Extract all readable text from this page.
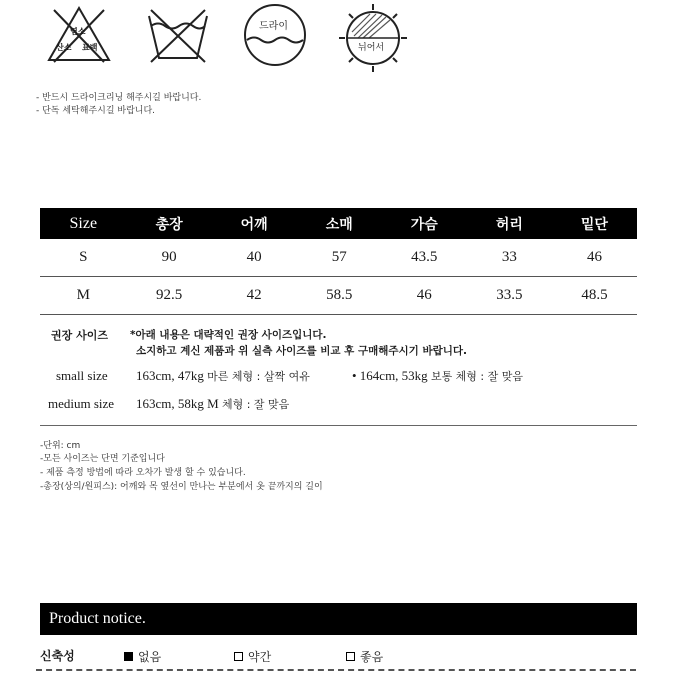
염소
산소 표백
드라이
뉘어서
- 반드시 드라이크리닝 해주시길 바랍니다.
- 단독 세탁해주시길 바랍니다.
Size	총장	어깨	소매	가슴	허리	밑단
S	90	40	57	43.5	33	46
M	92.5	42	58.5	46	33.5	48.5
권장 사이즈 *아래 내용은 대략적인 권장 사이즈입니다.
소지하고 계신 제품과 위 실측 사이즈를 비교 후 구매해주시기 바랍니다.
small size 163cm, 47kg 마른 체형 : 살짝 여유	• 164cm, 53kg 보통 체형 : 잘 맞음
medium size 163cm, 58kg M 체형 : 잘 맞음
-단위: cm
-모든 사이즈는 단면 기준입니다
- 제품 측정 방법에 따라 오차가 발생 할 수 있습니다.
-총장(상의/원피스): 어깨와 목 옆선이 만나는 부분에서 옷 끝까지의 길이
Product notice.
신축성	없음	약간	좋음
